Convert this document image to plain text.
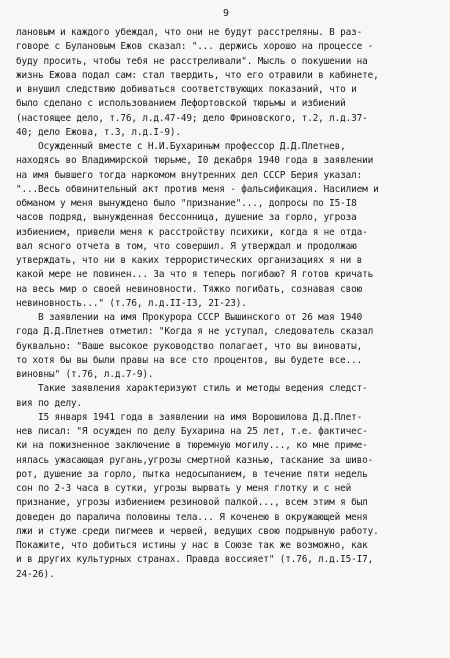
9
лановым и каждого убеждал, что они не будут расстреляны. В раз-
говоре с Булановым Ежов сказал: "... держись хорошо на процессе -
буду просить, чтобы тебя не расстреливали". Мысль о покушении на
жизнь Ежова подал сам: стал твердить, что его отравили в кабинете,
и внушил следствию добиваться соответствующих показаний, что и
было сделано с использованием Лефортовской тюрьмы и избиений
(настоящее дело, т.76, л.д.47-49; дело Фриновского, т.2, л.д.37-
40; дело Ежова, т.3, л.д.I-9).
Осужденный вместе с Н.И.Бухариным профессор Д.Д.Плетнев,
находясь во Владимирской тюрьме, I0 декабря 1940 года в заявлении
на имя бывшего тогда наркомом внутренних дел СССР Берия указал:
"...Весь обвинительный акт против меня - фальсификация. Насилием и
обманом у меня вынуждено было "признание"..., допросы по I5-I8
часов подряд, вынужденная бессонница, душение за горло, угроза
избиением, привели меня к расстройству психики, когда я не отда-
вал ясного отчета в том, что совершил. Я утверждал и продолжаю
утверждать, что ни в каких террористических организациях я ни в
какой мере не повинен... За что я теперь погибаю? Я готов кричать
на весь мир о своей невиновности. Тяжко погибать, сознавая свою
невиновность..." (т.76, л.д.II-I3, 2I-23).
В заявлении на имя Прокурора СССР Вышинского от 26 мая 1940
года Д.Д.Плетнев отметил: "Когда я не уступал, следователь сказал
буквально: "Ваше высокое руководство полагает, что вы виноваты,
то хотя бы вы были правы на все сто процентов, вы будете все...
виновны" (т.76, л.д.7-9).
Такие заявления характеризуют стиль и методы ведения следст-
вия по делу.
I5 января 1941 года в заявлении на имя Ворошилова Д.Д.Плет-
нев писал: "Я осужден по делу Бухарина на 25 лет, т.е. фактичес-
ки на пожизненное заключение в тюремную могилу..., ко мне приме-
нялась ужасающая ругань,угрозы смертной казнью, таскание за шиво-
рот, душение за горло, пытка недосыпанием, в течение пяти недель
сон по 2-3 часа в сутки, угрозы вырвать у меня глотку и с ней
признание, угрозы избиением резиновой палкой..., всем этим я был
доведен до паралича половины тела... Я коченею в окружающей меня
лжи и стуже среди пигмеев и червей, ведущих свою подрывную работу.
Покажите, что добиться истины у нас в Союзе так же возможно, как
и в других культурных странах. Правда восcияет" (т.76, л.д.I5-I7,
24-26).
